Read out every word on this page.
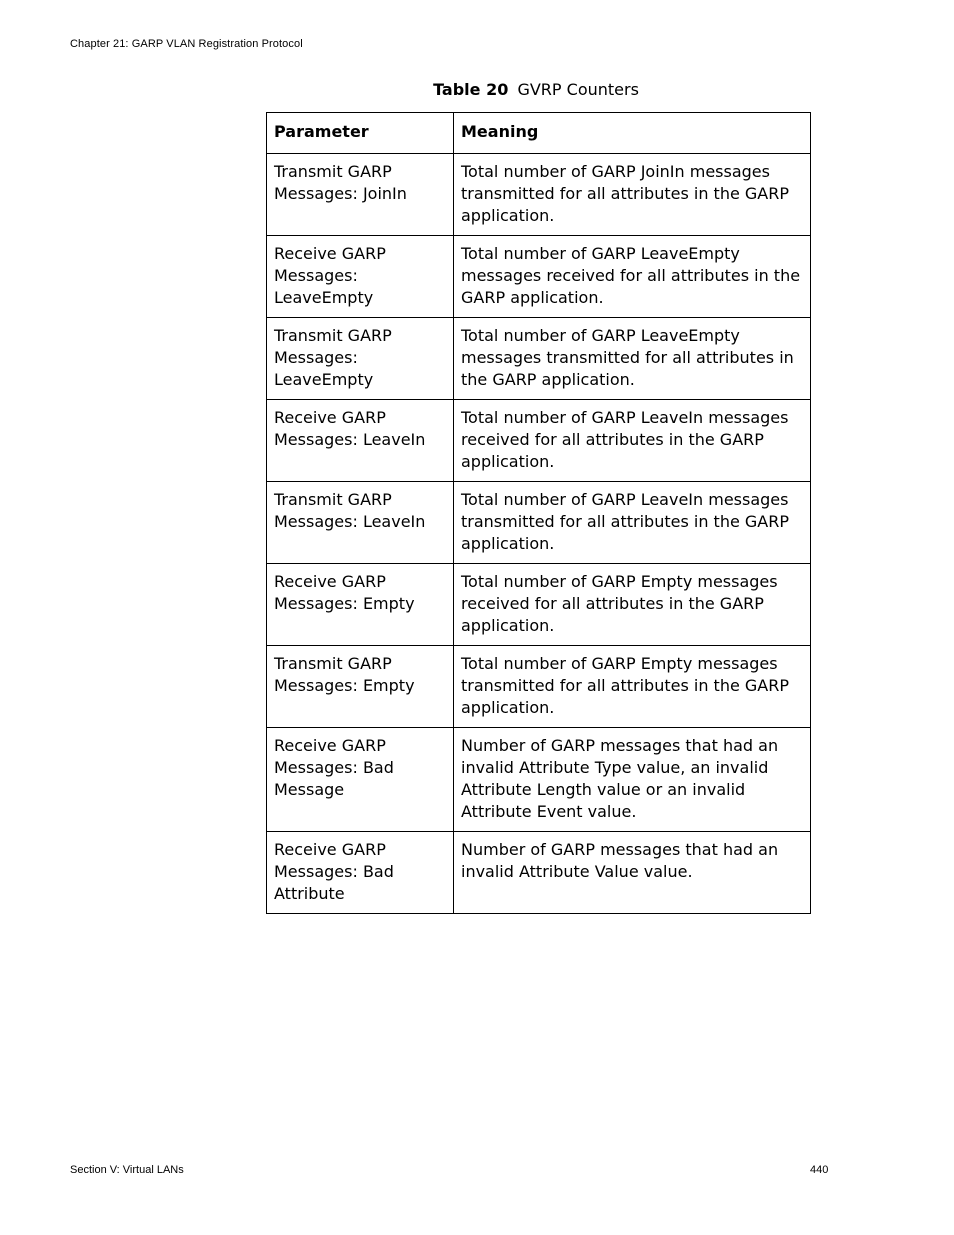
Chapter 21: GARP VLAN Registration Protocol
Table 20 GVRP Counters
Parameter	Meaning
Transmit GARP Messages: JoinIn	Total number of GARP JoinIn messages transmitted for all attributes in the GARP application.
Receive GARP Messages: LeaveEmpty	Total number of GARP LeaveEmpty messages received for all attributes in the GARP application.
Transmit GARP Messages: LeaveEmpty	Total number of GARP LeaveEmpty messages transmitted for all attributes in the GARP application.
Receive GARP Messages: LeaveIn	Total number of GARP LeaveIn messages received for all attributes in the GARP application.
Transmit GARP Messages: LeaveIn	Total number of GARP LeaveIn messages transmitted for all attributes in the GARP application.
Receive GARP Messages: Empty	Total number of GARP Empty messages received for all attributes in the GARP application.
Transmit GARP Messages: Empty	Total number of GARP Empty messages transmitted for all attributes in the GARP application.
Receive GARP Messages: Bad Message	Number of GARP messages that had an invalid Attribute Type value, an invalid Attribute Length value or an invalid Attribute Event value.
Receive GARP Messages: Bad Attribute	Number of GARP messages that had an invalid Attribute Value value.
Section V: Virtual LANs	440
